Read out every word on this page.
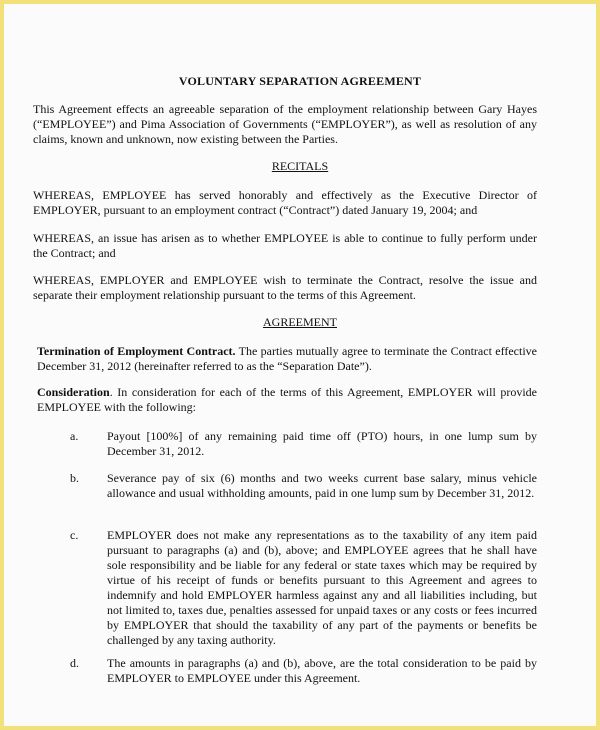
VOLUNTARY SEPARATION AGREEMENT
This Agreement effects an agreeable separation of the employment relationship between Gary Hayes (“EMPLOYEE”) and Pima Association of Governments (“EMPLOYER”), as well as resolution of any claims, known and unknown, now existing between the Parties.
RECITALS
WHEREAS, EMPLOYEE has served honorably and effectively as the Executive Director of EMPLOYER, pursuant to an employment contract (“Contract”) dated January 19, 2004; and
WHEREAS, an issue has arisen as to whether EMPLOYEE is able to continue to fully perform under the Contract; and
WHEREAS, EMPLOYER and EMPLOYEE wish to terminate the Contract, resolve the issue and separate their employment relationship pursuant to the terms of this Agreement.
AGREEMENT
Termination of Employment Contract. The parties mutually agree to terminate the Contract effective December 31, 2012 (hereinafter referred to as the “Separation Date”).
Consideration. In consideration for each of the terms of this Agreement, EMPLOYER will provide EMPLOYEE with the following:
a. Payout [100%] of any remaining paid time off (PTO) hours, in one lump sum by December 31, 2012.
b. Severance pay of six (6) months and two weeks current base salary, minus vehicle allowance and usual withholding amounts, paid in one lump sum by December 31, 2012.
c. EMPLOYER does not make any representations as to the taxability of any item paid pursuant to paragraphs (a) and (b), above; and EMPLOYEE agrees that he shall have sole responsibility and be liable for any federal or state taxes which may be required by virtue of his receipt of funds or benefits pursuant to this Agreement and agrees to indemnify and hold EMPLOYER harmless against any and all liabilities including, but not limited to, taxes due, penalties assessed for unpaid taxes or any costs or fees incurred by EMPLOYER that should the taxability of any part of the payments or benefits be challenged by any taxing authority.
d. The amounts in paragraphs (a) and (b), above, are the total consideration to be paid by EMPLOYER to EMPLOYEE under this Agreement.
